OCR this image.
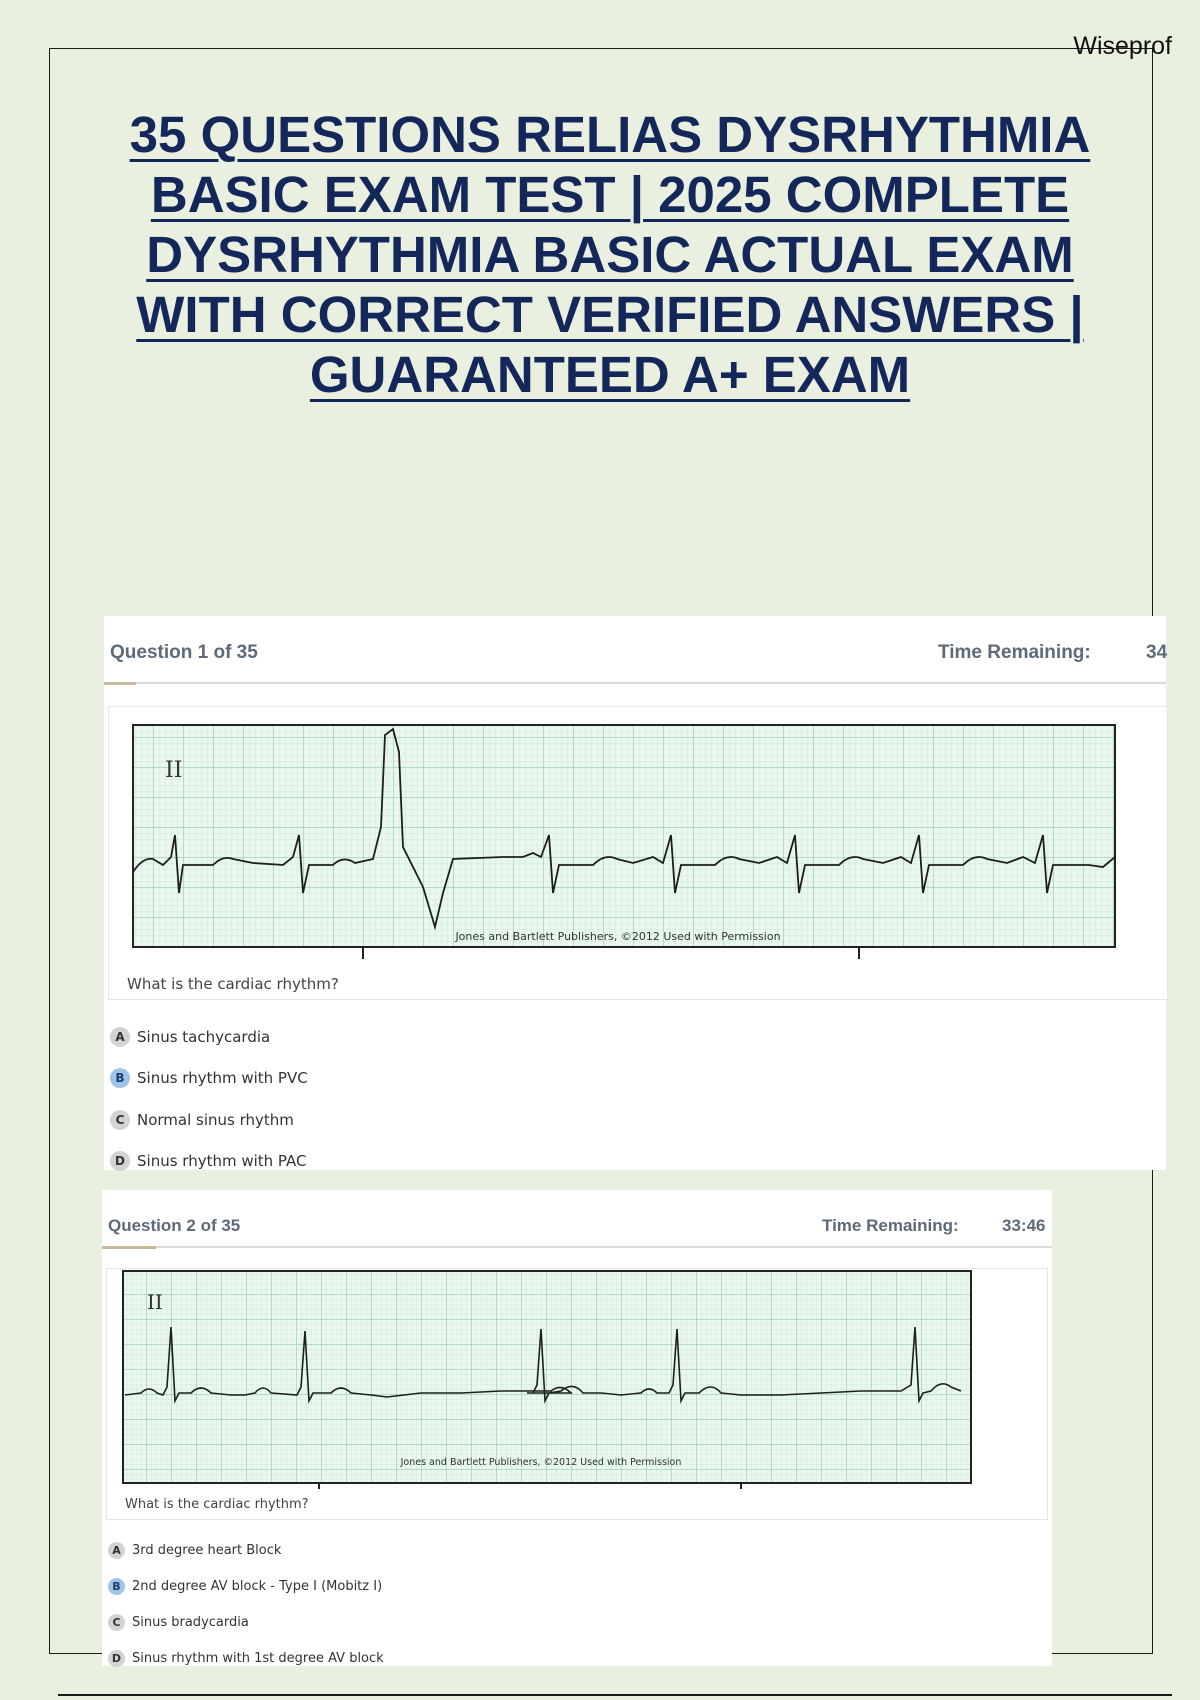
Wiseprof
35 QUESTIONS RELIAS DYSRHYTHMIA
BASIC EXAM TEST | 2025 COMPLETE
DYSRHYTHMIA BASIC ACTUAL EXAM
WITH CORRECT VERIFIED ANSWERS |
GUARANTEED A+ EXAM
Question 1 of 35	Time Remaining:	34
II
Jones and Bartlett Publishers, ©2012 Used with Permission
What is the cardiac rhythm?
A Sinus tachycardia
B Sinus rhythm with PVC
C Normal sinus rhythm
D Sinus rhythm with PAC
Question 2 of 35	Time Remaining:	33:46
II
Jones and Bartlett Publishers, ©2012 Used with Permission
What is the cardiac rhythm?
A 3rd degree heart Block
B 2nd degree AV block - Type I (Mobitz I)
C Sinus bradycardia
D Sinus rhythm with 1st degree AV block
